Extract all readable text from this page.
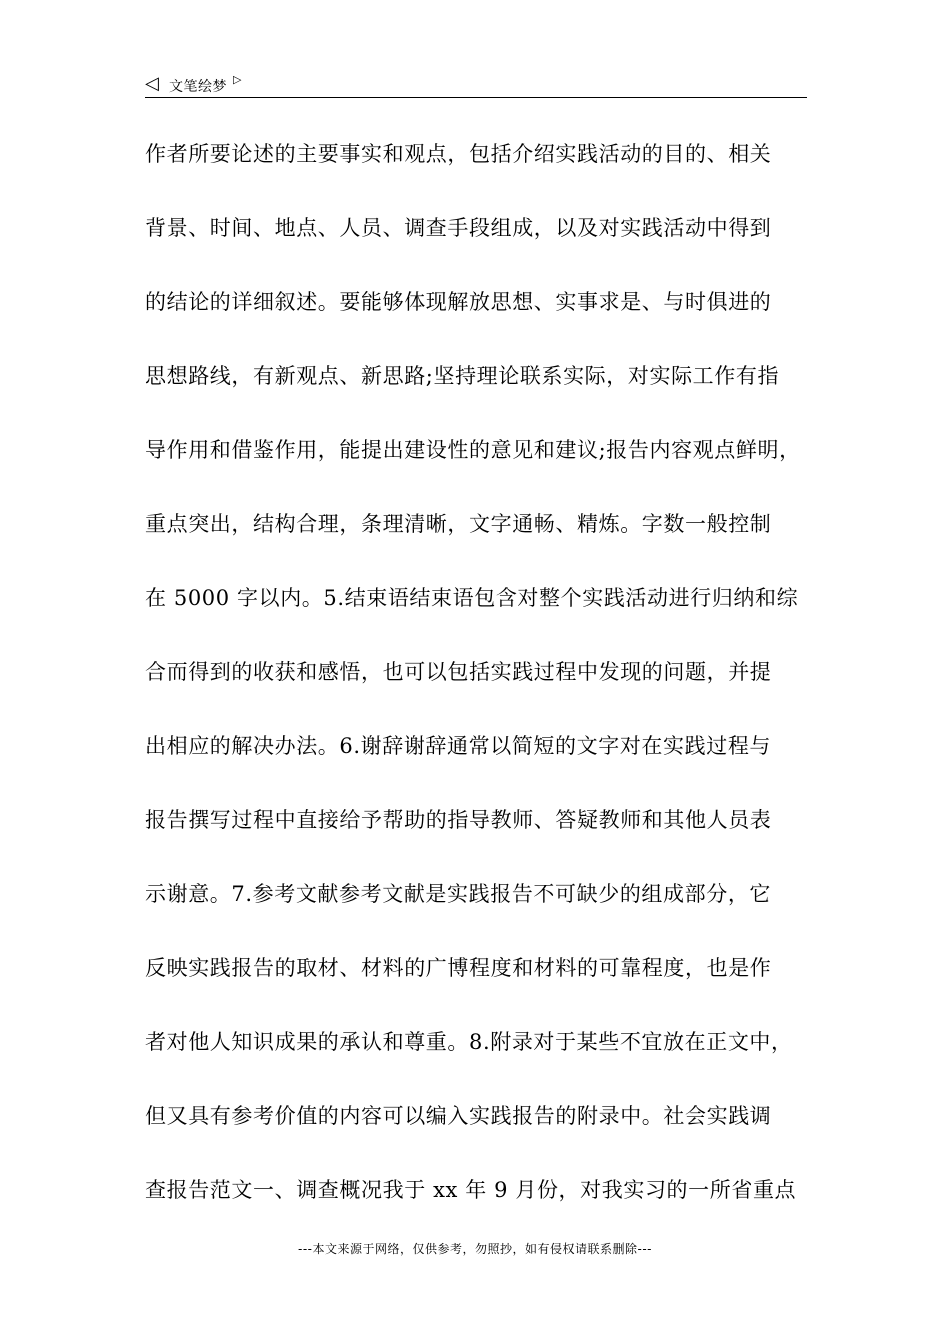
◁ 文笔绘梦 ▷
作者所要论述的主要事实和观点，包括介绍实践活动的目的、相关
背景、时间、地点、人员、调查手段组成，以及对实践活动中得到
的结论的详细叙述。要能够体现解放思想、实事求是、与时俱进的
思想路线，有新观点、新思路;坚持理论联系实际，对实际工作有指
导作用和借鉴作用，能提出建设性的意见和建议;报告内容观点鲜明，
重点突出，结构合理，条理清晰，文字通畅、精炼。字数一般控制
在 5000 字以内。5.结束语结束语包含对整个实践活动进行归纳和综
合而得到的收获和感悟，也可以包括实践过程中发现的问题，并提
出相应的解决办法。6.谢辞谢辞通常以简短的文字对在实践过程与
报告撰写过程中直接给予帮助的指导教师、答疑教师和其他人员表
示谢意。7.参考文献参考文献是实践报告不可缺少的组成部分，它
反映实践报告的取材、材料的广博程度和材料的可靠程度，也是作
者对他人知识成果的承认和尊重。8.附录对于某些不宜放在正文中，
但又具有参考价值的内容可以编入实践报告的附录中。社会实践调
查报告范文一、调查概况我于 xx 年 9 月份，对我实习的一所省重点
---本文来源于网络，仅供参考，勿照抄，如有侵权请联系删除---
